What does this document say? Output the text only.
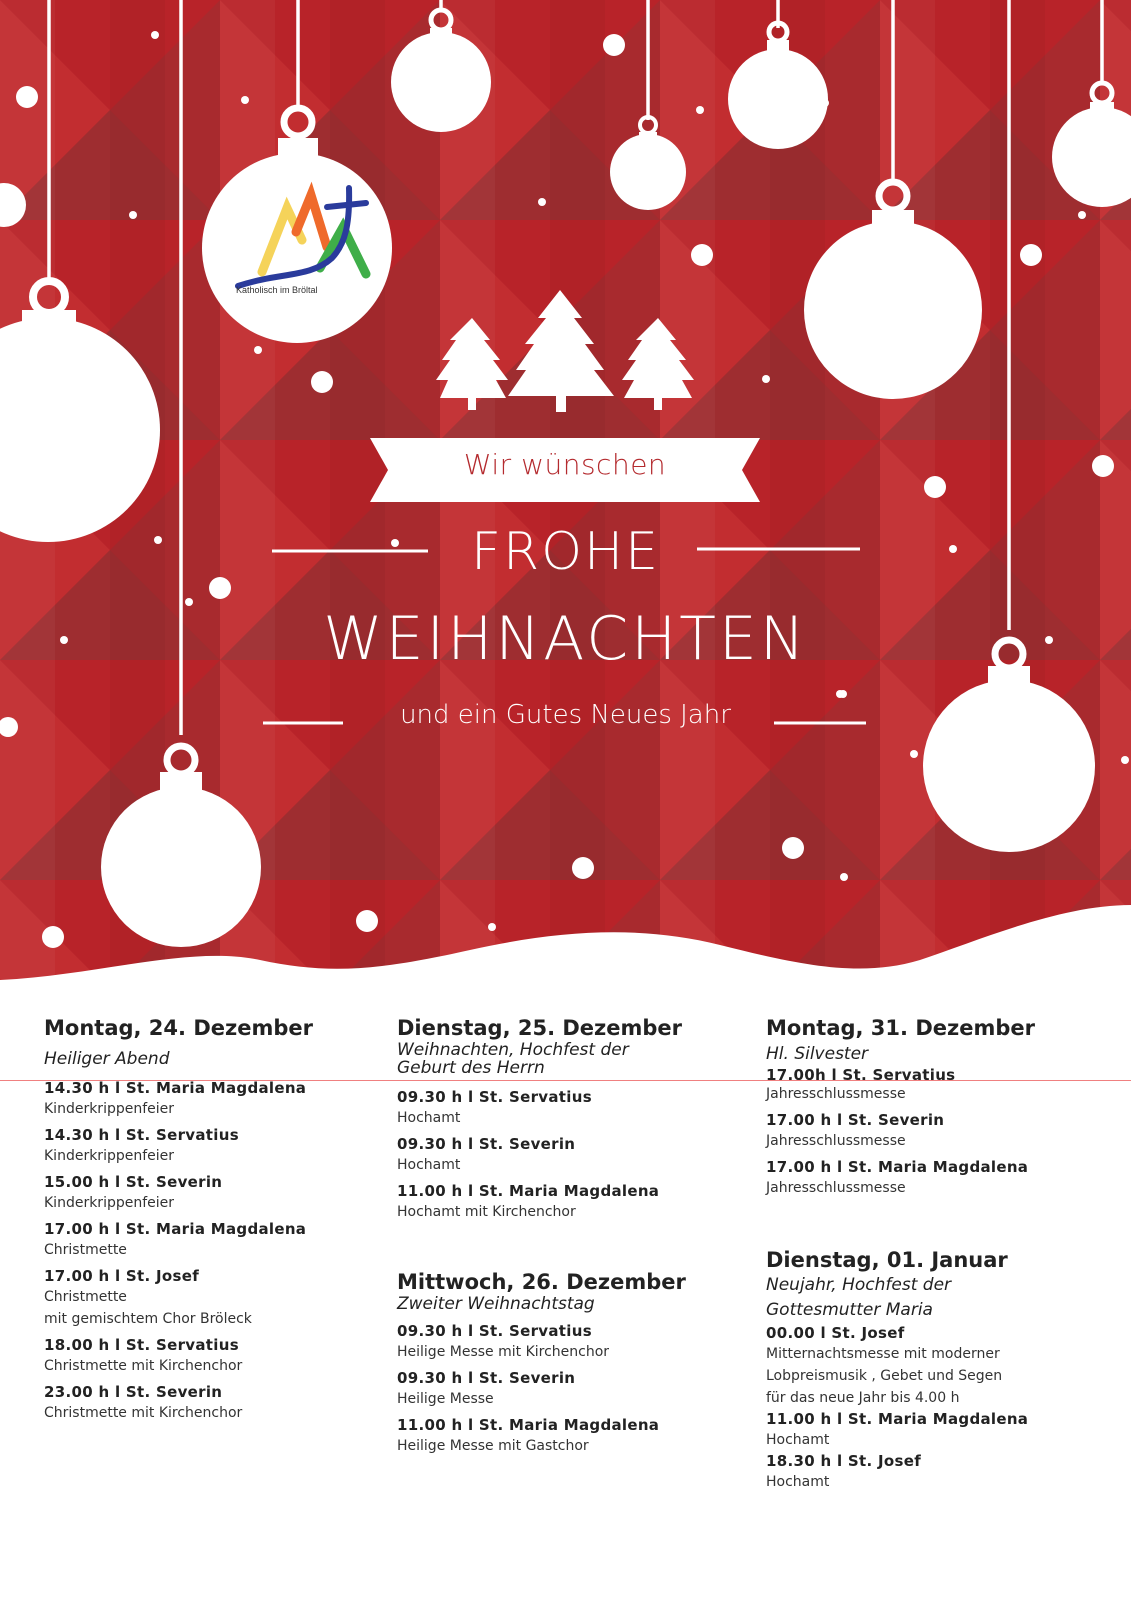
Wir wünschen
FROHE
WEIHNACHTEN
und ein Gutes Neues Jahr
Katholisch im Bröltal
Montag, 24. Dezember
Heiliger Abend
14.30 h l St. Maria Magdalena
Kinderkrippenfeier
14.30 h l St. Servatius
Kinderkrippenfeier
15.00 h l St. Severin
Kinderkrippenfeier
17.00 h l St. Maria Magdalena
Christmette
17.00 h l St. Josef
Christmette
mit gemischtem Chor Bröleck
18.00 h l St. Servatius
Christmette mit Kirchenchor
23.00 h l St. Severin
Christmette mit Kirchenchor
Dienstag, 25. Dezember
Weihnachten, Hochfest der
Geburt des Herrn
09.30 h l St. Servatius
Hochamt
09.30 h l St. Severin
Hochamt
11.00 h l St. Maria Magdalena
Hochamt mit Kirchenchor
Mittwoch, 26. Dezember
Zweiter Weihnachtstag
09.30 h l St. Servatius
Heilige Messe mit Kirchenchor
09.30 h l St. Severin
Heilige Messe
11.00 h l St. Maria Magdalena
Heilige Messe mit Gastchor
Montag, 31. Dezember
Hl. Silvester
17.00h l St. Servatius
Jahresschlussmesse
17.00 h l St. Severin
Jahresschlussmesse
17.00 h l St. Maria Magdalena
Jahresschlussmesse
Dienstag, 01. Januar
Neujahr, Hochfest der
Gottesmutter Maria
00.00 l St. Josef
Mitternachtsmesse mit moderner
Lobpreismusik , Gebet und Segen
für das neue Jahr bis 4.00 h
11.00 h l St. Maria Magdalena
Hochamt
18.30 h l St. Josef
Hochamt
